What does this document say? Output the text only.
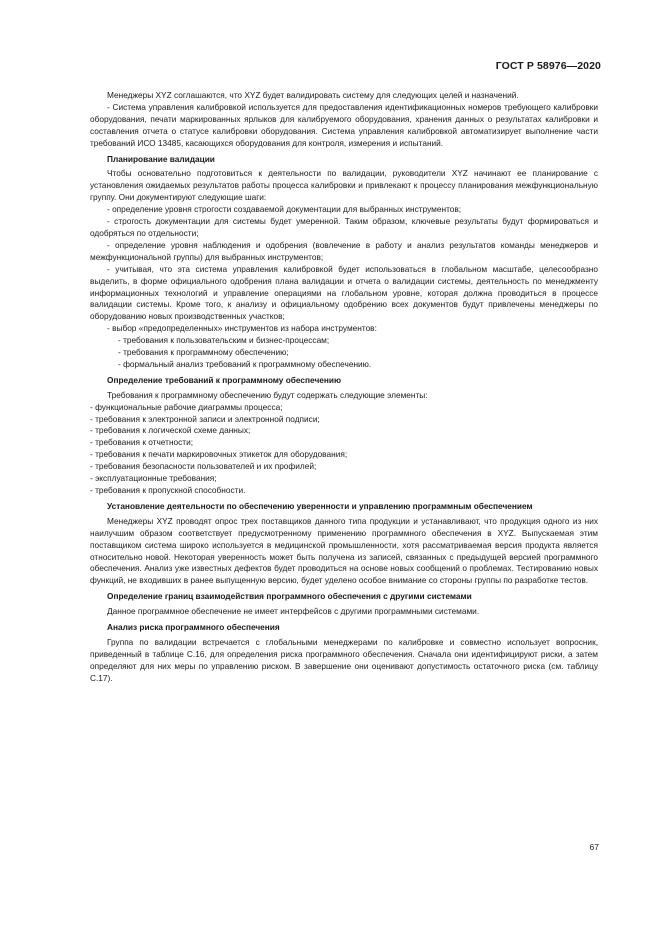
ГОСТ Р 58976—2020

Менеджеры XYZ соглашаются, что XYZ будет валидировать систему для следующих целей и назначений.

- Система управления калибровкой используется для предоставления идентификационных номеров требующего калибровки оборудования, печати маркированных ярлыков для калибруемого оборудования, хранения данных о результатах калибровки и составления отчета о статусе калибровки оборудования. Система управления калибровкой автоматизирует выполнение части требований ИСО 13485, касающихся оборудования для контроля, измерения и испытаний.

Планирование валидации

Чтобы основательно подготовиться к деятельности по валидации, руководители XYZ начинают ее планирование с установления ожидаемых результатов работы процесса калибровки и привлекают к процессу планирования межфункциональную группу. Они документируют следующие шаги:

- определение уровня строгости создаваемой документации для выбранных инструментов;

- строгость документации для системы будет умеренной. Таким образом, ключевые результаты будут формироваться и одобряться по отдельности;

- определение уровня наблюдения и одобрения (вовлечение в работу и анализ результатов команды менеджеров и межфункциональной группы) для выбранных инструментов;

- учитывая, что эта система управления калибровкой будет использоваться в глобальном масштабе, целесообразно выделить, в форме официального одобрения плана валидации и отчета о валидации системы, деятельность по менеджменту информационных технологий и управление операциями на глобальном уровне, которая должна проводиться в процессе валидации системы. Кроме того, к анализу и официальному одобрению всех документов будут привлечены менеджеры по оборудованию новых производственных участков;

- выбор «предопределенных» инструментов из набора инструментов:

- требования к пользовательским и бизнес-процессам;

- требования к программному обеспечению;

- формальный анализ требований к программному обеспечению.

Определение требований к программному обеспечению

Требования к программному обеспечению будут содержать следующие элементы:

- функциональные рабочие диаграммы процесса;

- требования к электронной записи и электронной подписи;

- требования к логической схеме данных;

- требования к отчетности;

- требования к печати маркировочных этикеток для оборудования;

- требования безопасности пользователей и их профилей;

- эксплуатационные требования;

- требования к пропускной способности.

Установление деятельности по обеспечению уверенности и управлению программным обеспечением

Менеджеры XYZ проводят опрос трех поставщиков данного типа продукции и устанавливают, что продукция одного из них наилучшим образом соответствует предусмотренному применению программного обеспечения в XYZ. Выпускаемая этим поставщиком система широко используется в медицинской промышленности, хотя рассматриваемая версия продукта является относительно новой. Некоторая уверенность может быть получена из записей, связанных с предыдущей версией программного обеспечения. Анализ уже известных дефектов будет проводиться на основе новых сообщений о проблемах. Тестированию новых функций, не входивших в ранее выпущенную версию, будет уделено особое внимание со стороны группы по разработке тестов.

Определение границ взаимодействия программного обеспечения с другими системами

Данное программное обеспечение не имеет интерфейсов с другими программными системами.

Анализ риска программного обеспечения

Группа по валидации встречается с глобальными менеджерами по калибровке и совместно использует вопросник, приведенный в таблице С.16, для определения риска программного обеспечения. Сначала они идентифицируют риски, а затем определяют для них меры по управлению риском. В завершение они оценивают допустимость остаточного риска (см. таблицу С.17).

67
